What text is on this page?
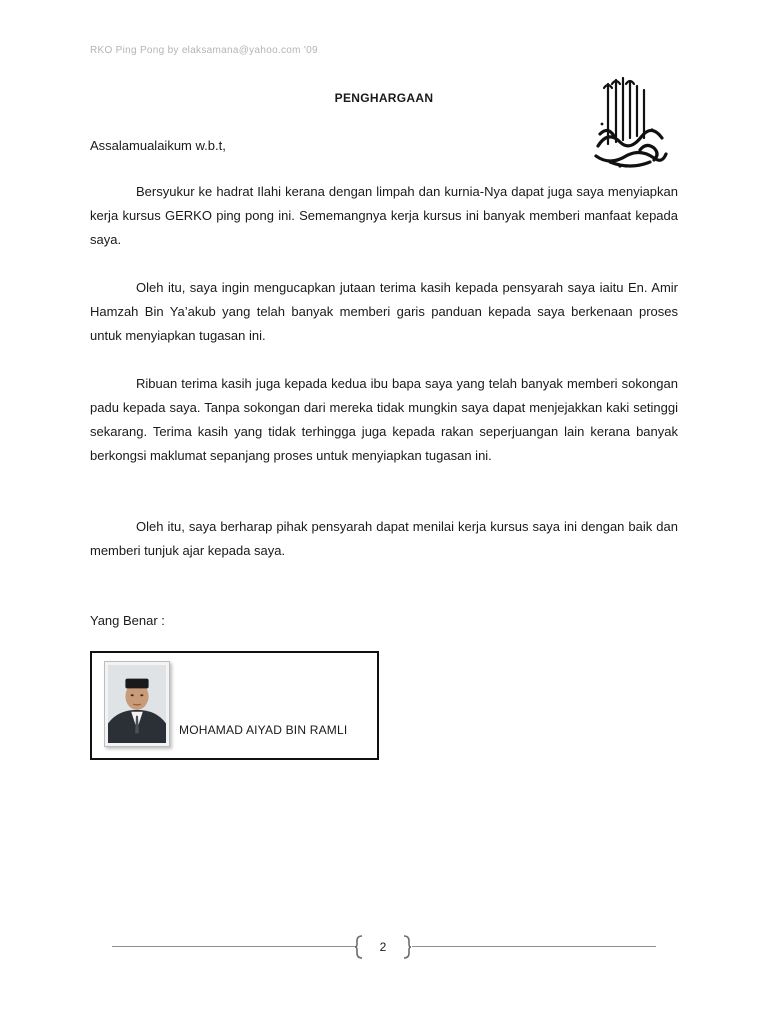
RKO Ping Pong by elaksamana@yahoo.com '09
PENGHARGAAN
Assalamualaikum w.b.t,

Bersyukur ke hadrat Ilahi kerana dengan limpah dan kurnia-Nya dapat juga saya menyiapkan kerja kursus GERKO ping pong ini. Sememangnya kerja kursus ini banyak memberi manfaat kepada saya.

Oleh itu, saya ingin mengucapkan jutaan terima kasih kepada pensyarah saya iaitu En. Amir Hamzah Bin Ya’akub yang telah banyak memberi garis panduan kepada saya berkenaan proses untuk menyiapkan tugasan ini.

Ribuan terima kasih juga kepada kedua ibu bapa saya yang telah banyak memberi sokongan padu kepada saya. Tanpa sokongan dari mereka tidak mungkin saya dapat menjejakkan kaki setinggi sekarang. Terima kasih yang tidak terhingga juga kepada rakan seperjuangan lain kerana banyak berkongsi maklumat sepanjang proses untuk menyiapkan tugasan ini.

Oleh itu, saya berharap pihak pensyarah dapat menilai kerja kursus saya ini dengan baik dan memberi tunjuk ajar kepada saya.

Yang Benar :
MOHAMAD AIYAD BIN RAMLI
2
